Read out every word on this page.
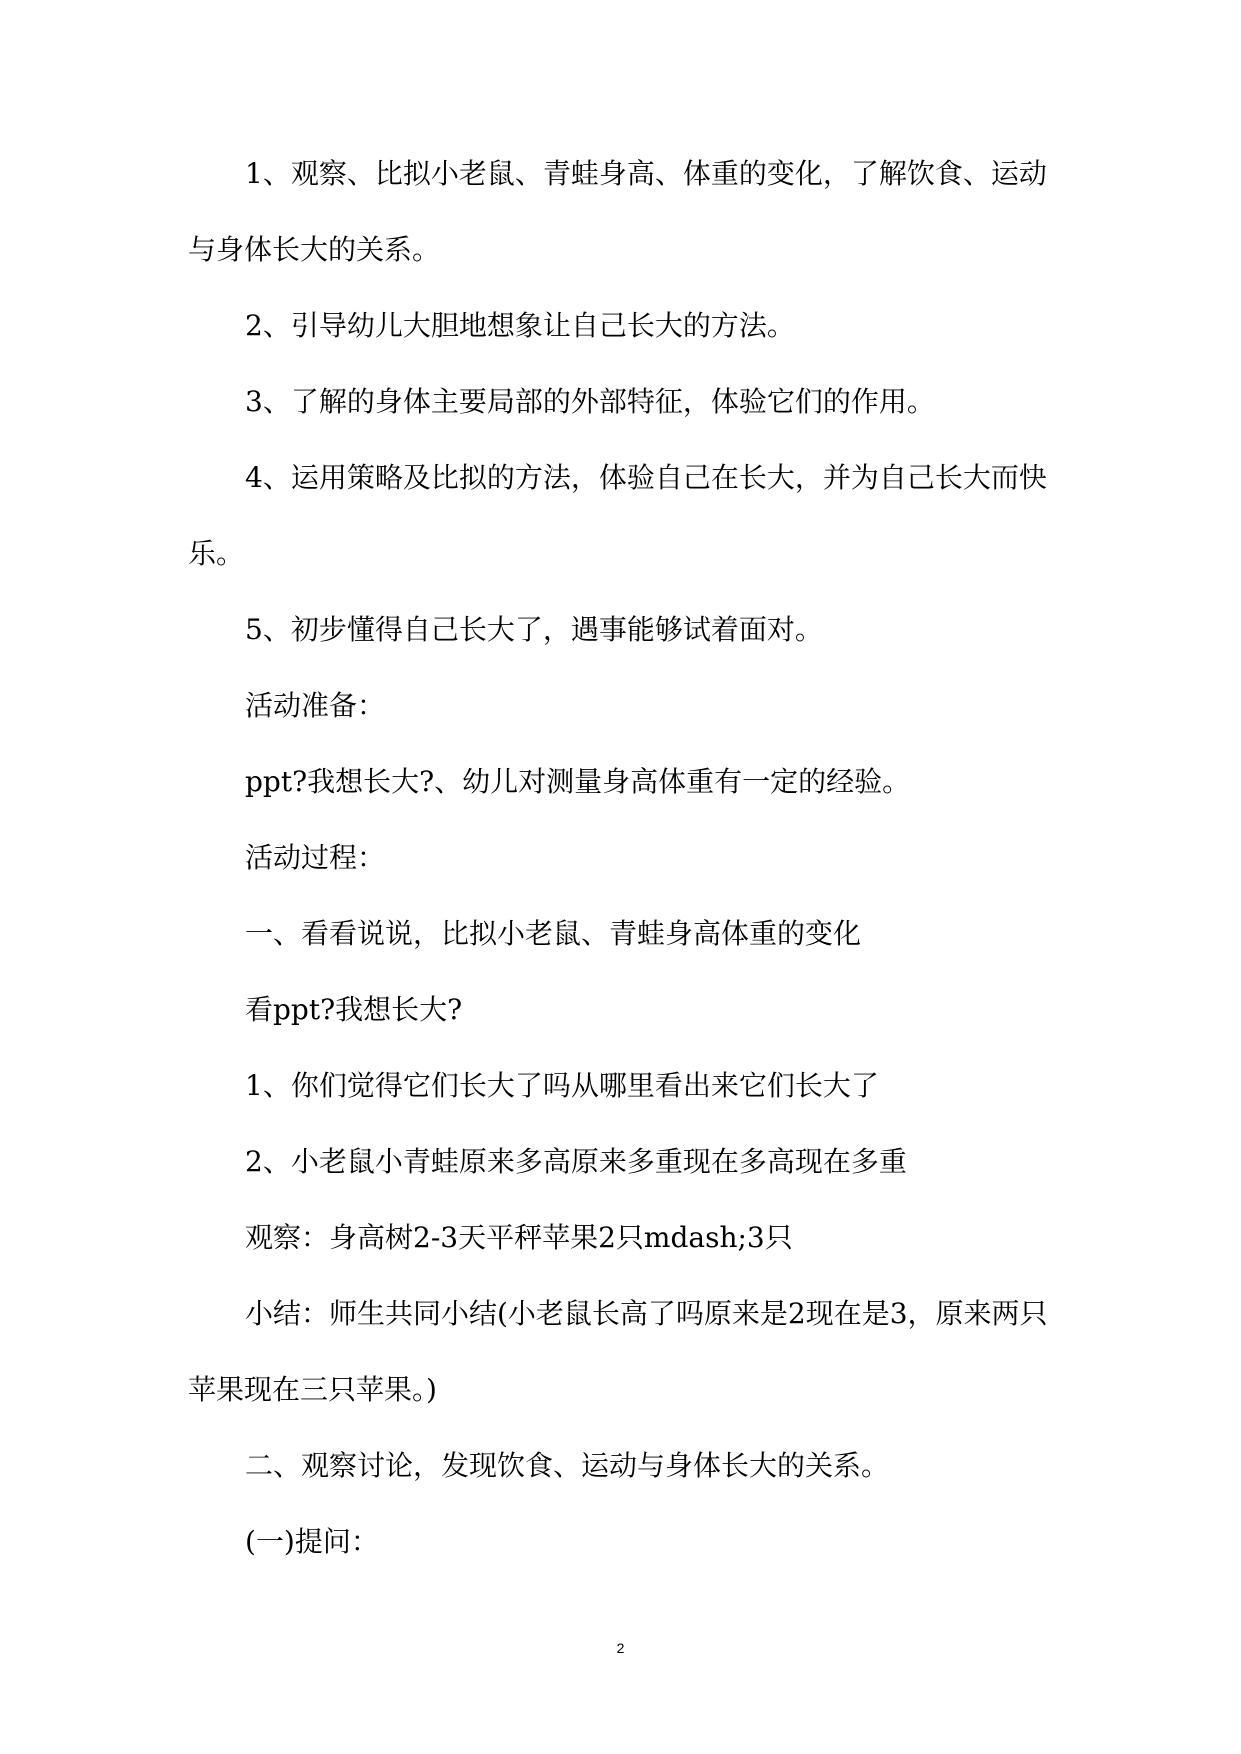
1、观察、比拟小老鼠、青蛙身高、体重的变化，了解饮食、运动与身体长大的关系。

2、引导幼儿大胆地想象让自己长大的方法。

3、了解的身体主要局部的外部特征，体验它们的作用。

4、运用策略及比拟的方法，体验自己在长大，并为自己长大而快乐。

5、初步懂得自己长大了，遇事能够试着面对。

活动准备：

ppt?我想长大?、幼儿对测量身高体重有一定的经验。

活动过程：

一、看看说说，比拟小老鼠、青蛙身高体重的变化

看ppt?我想长大?

1、你们觉得它们长大了吗从哪里看出来它们长大了

2、小老鼠小青蛙原来多高原来多重现在多高现在多重

观察：身高树2-3天平秤苹果2只mdash;3只

小结：师生共同小结(小老鼠长高了吗原来是2现在是3，原来两只苹果现在三只苹果。)

二、观察讨论，发现饮食、运动与身体长大的关系。

(一)提问：

2
